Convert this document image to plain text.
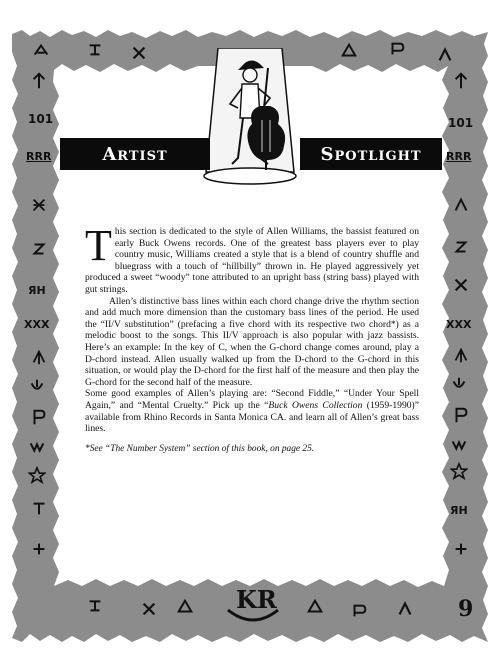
101
RRR
ЯH
XXX
101
RRR
XXX
ЯH
KR
Artist	Spotlight

This section is dedicated to the style of Allen Williams, the bassist featured on early Buck Owens records. One of the greatest bass players ever to play country music, Williams created a style that is a blend of country shuffle and bluegrass with a touch of “hillbilly” thrown in. He played aggressively yet produced a sweet “woody” tone attributed to an upright bass (string bass) played with gut strings.

Allen’s distinctive bass lines within each chord change drive the rhythm section and add much more dimension than the customary bass lines of the period. He used the “II/V substitution” (prefacing a five chord with its respective two chord*) as a melodic boost to the songs. This II/V approach is also popular with jazz bassists. Here’s an example: In the key of C, when the G-chord change comes around, play a D-chord instead. Allen usually walked up from the D-chord to the G-chord in this situation, or would play the D-chord for the first half of the measure and then play the G-chord for the second half of the measure.

Some good examples of Allen’s playing are: “Second Fiddle,” “Under Your Spell Again,” and “Mental Cruelty.” Pick up the “Buck Owens Collection (1959-1990)” available from Rhino Records in Santa Monica CA. and learn all of Allen’s great bass lines.

*See “The Number System” section of this book, on page 25.
9
